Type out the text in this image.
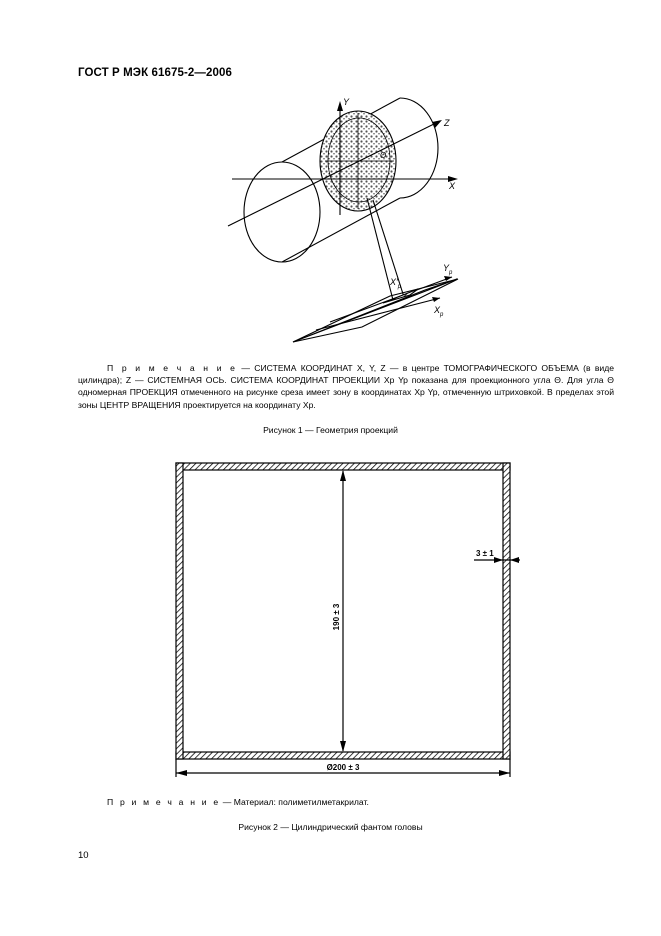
ГОСТ Р МЭК 61675-2—2006
Y
Z
X
Θ
$X'_p$
$Y_p$
$X_p$
П р и м е ч а н и е — СИСТЕМА КООРДИНАТ X, Y, Z — в центре ТОМОГРАФИЧЕСКОГО ОБЪЕМА (в виде цилиндра); Z — СИСТЕМНАЯ ОСЬ. СИСТЕМА КООРДИНАТ ПРОЕКЦИИ Xp Yp показана для проекционного угла Θ. Для угла Θ одномерная ПРОЕКЦИЯ отмеченного на рисунке среза имеет зону в координатах Xp Yp, отмеченную штриховкой. В пределах этой зоны ЦЕНТР ВРАЩЕНИЯ проектируется на координату Xp.
Рисунок 1 — Геометрия проекций
190 ± 3
Ø200 ± 3
3 ± 1
П р и м е ч а н и е — Материал: полиметилметакрилат.
Рисунок 2 — Цилиндрический фантом головы
10
